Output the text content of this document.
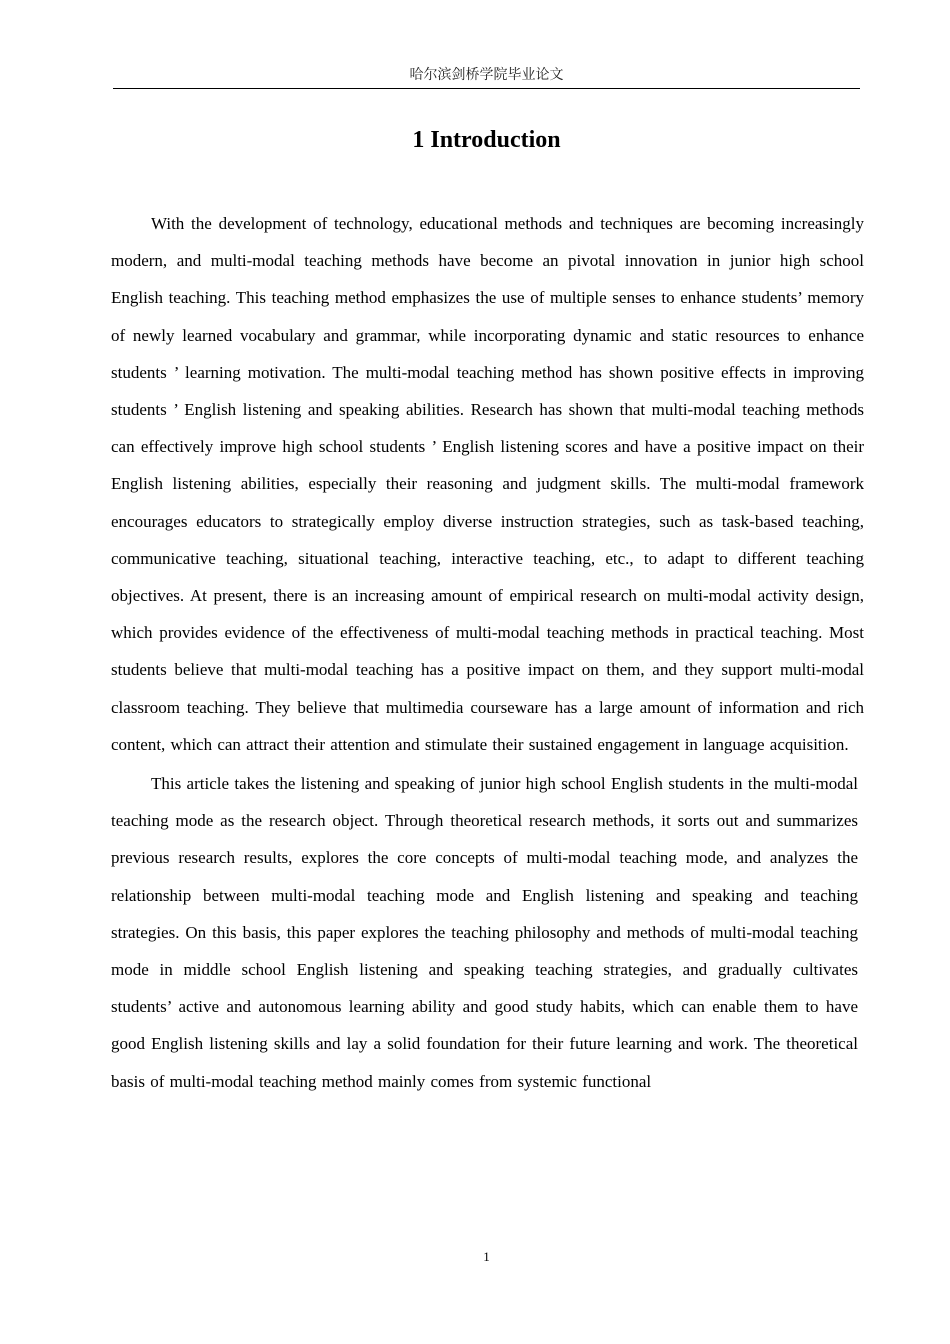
哈尔滨剑桥学院毕业论文
1 Introduction

With the development of technology, educational methods and techniques are becoming increasingly modern, and multi-modal teaching methods have become an pivotal innovation in junior high school English teaching. This teaching method emphasizes the use of multiple senses to enhance students’ memory of newly learned vocabulary and grammar, while incorporating dynamic and static resources to enhance students ’ learning motivation. The multi-modal teaching method has shown positive effects in improving students ’ English listening and speaking abilities. Research has shown that multi-modal teaching methods can effectively improve high school students ’ English listening scores and have a positive impact on their English listening abilities, especially their reasoning and judgment skills. The multi-modal framework encourages educators to strategically employ diverse instruction strategies, such as task-based teaching, communicative teaching, situational teaching, interactive teaching, etc., to adapt to different teaching objectives. At present, there is an increasing amount of empirical research on multi-modal activity design, which provides evidence of the effectiveness of multi-modal teaching methods in practical teaching. Most students believe that multi-modal teaching has a positive impact on them, and they support multi-modal classroom teaching. They believe that multimedia courseware has a large amount of information and rich content, which can attract their attention and stimulate their sustained engagement in language acquisition.

This article takes the listening and speaking of junior high school English students in the multi-modal teaching mode as the research object. Through theoretical research methods, it sorts out and summarizes previous research results, explores the core concepts of multi-modal teaching mode, and analyzes the relationship between multi-modal teaching mode and English listening and speaking and teaching strategies. On this basis, this paper explores the teaching philosophy and methods of multi-modal teaching mode in middle school English listening and speaking teaching strategies, and gradually cultivates students’ active and autonomous learning ability and good study habits, which can enable them to have good English listening skills and lay a solid foundation for their future learning and work. The theoretical basis of multi-modal teaching method mainly comes from systemic functional

1
